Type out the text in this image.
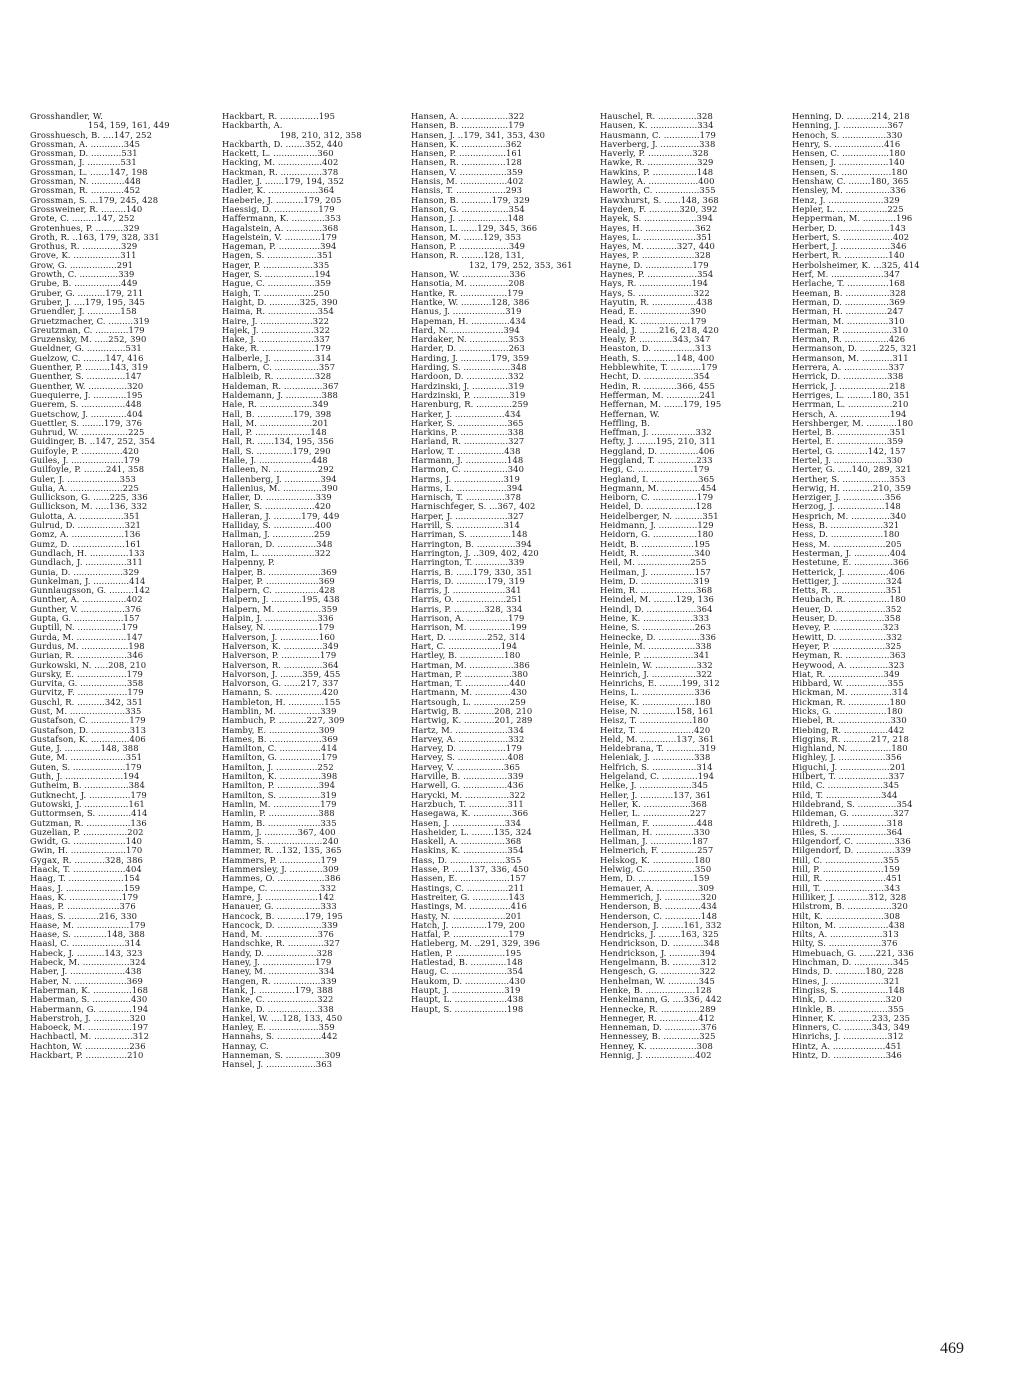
Grosshandler, W.
154, 159, 161, 449
Grosshuesch, B. ....147, 252
Grossman, A. ............345
Grossman, D. ...........531
Grossman, J. ............531
Grossman, L. .......147, 198
Grossman, N. ............448
Grossman, R. ............452
Grossman, S. ...179, 245, 428
Grossweiner, R. .........140
Grote, C. .........147, 252
Grotenhues, P. ..........329
Groth, R. ..163, 179, 328, 331
Grothus, R. ..............329
Grove, K. .................311
Grow, G. .................291
Growth, C. ..............339
Grube, B. .................449
Gruber, G. ..........179, 211
Gruber, J. ....179, 195, 345
Gruendler, J. ............158
Gruetzmacher, C. .........319
Greutzman, C. ............179
Gruzensky, M. .....252, 390
Gueldner, G. ..............531
Guelzow, C. ........147, 416
Guenther, P. .........143, 319
Guenther, S. ..............147
Guenther, W. ..............320
Guequierre, J. ............195
Guerem, S. ................448
Guetschow, J. .............404
Guettler, S. ........179, 376
Guhrud, W. .................225
Guidinger, B. ..147, 252, 354
Guifoyle, P. ...............420
Guiles, J. ...................179
Guilfoyle, P. ........241, 358
Guler, J. ...................353
Gulia, A. ...................225
Gullickson, G. ......225, 336
Gullickson, M. .....136, 332
Gulotta, A. ................351
Gulrud, D. .................321
Gomz, A. ...................136
Gumz, D. ...................161
Gundlach, H. ..............133
Gundlach, J. ...............311
Gunia, D. ..................329
Gunkelman, J. .............414
Gunnlaugsson, G. .........142
Gunther, A. ................402
Gunther, V. ................376
Gupta, G. ..................157
Guptill, N. ................179
Gurda, M. ..................147
Gurdus, M. .................198
Gurian, R. ..................346
Gurkowski, N. .....208, 210
Gursky, E. ..................179
Gurvita, G. .................358
Gurvitz, F. ..................179
Guschl, R. ..........342, 351
Gust, M. ....................335
Gustafson, C. ..............179
Gustafson, D. ..............313
Gustafson, K. ..............406
Gute, J. .............148, 388
Gute, M. ....................351
Guten, S. ...................179
Guth, J. .....................194
Gutheim, B. ................384
Gutknecht, J. ...............179
Gutowski, J. ................161
Guttormsen, S. ............414
Gutzman, R. ................136
Guzelian, P. ................202
Gwidt, G. ...................140
Gwin, H. ....................170
Gygax, R. ...........328, 386
Haack, T. ...................404
Haag, T. ....................154
Haas, J. .....................159
Haas, K. ...................179
Haas, P. ...................376
Haas, S. ...........216, 330
Haase, M. ...................179
Haase, S. ............148, 388
Haasl, C. ...................314
Habeck, J. ..........143, 323
Habeck, M. .................324
Haber, J. ....................438
Haber, N. ...................369
Haberman, K. ..............168
Haberman, S. ..............430
Habermann, G. ............194
Haberstroh, J. .............320
Haboeck, M. ................197
Hachbactl, M. ..............312
Hachton, W. ................236
Hackbart, P. ...............210
Hackbart, R. ..............195
Hackbarth, A.
198, 210, 312, 358
Hackbarth, D. .......352, 440
Hackett, L. ................360
Hacking, M. ................402
Hackman, R. ...............378
Hadler, J. .......179, 194, 352
Hadler, K. ..................364
Haeberle, J. ..........179, 205
Haessig, D. ................179
Haffermann, K. ............353
Hagalstein, A. .............368
Hagelstein, V. .............179
Hageman, P. ...............394
Hagen, S. ..................351
Hager, P. ..................335
Hager, S. ..................194
Hague, C. .................359
Haigh, T. ..................250
Haight, D. ...........325, 390
Haima, R. ..................354
Haire, J. ...................322
Hajek, J. ...................322
Hake, J. ....................337
Hake, R. ...................179
Halberle, J. ...............314
Halbern, C. ................357
Halbleib, R. ..............328
Haldeman, R. ..............367
Haldemann, J. .............388
Hale, R. ...................349
Hall, B. .............179, 398
Hall, M. ...................201
Hall, P. ....................148
Hall, R. ......134, 195, 356
Hall, S. .............179, 290
Halle, J. ...................448
Halleen, N. ................292
Hallenberg, J. .............394
Hallenius, M. ..............390
Haller, D. ..................339
Haller, S. ..................420
Halleran, J. ..........179, 449
Halliday, S. ...............400
Hallman, J. ...............259
Halloran, D. ..............348
Halm, L. ...................322
Halpenny, P.
Halper, B. ...................369
Halper, P. ...................369
Halpern, C. ................428
Halpern, J. ...........195, 438
Halpern, M. ................359
Halpin, J. ...................336
Halsey, N. ..................179
Halverson, J. ..............160
Halverson, K. ..............349
Halverson, P. ..............179
Halverson, R. ..............364
Halvorson, J. ........359, 455
Halvorson, G. ......217, 337
Hamann, S. .................420
Hambleton, H. .............155
Hamblin, M. ...............339
Hambuch, P. ..........227, 309
Hamby, E. ..................309
Hames, B. ...................369
Hamilton, C. ...............414
Hamilton, G. ...............179
Hamilton, J. ...............252
Hamilton, K. ...............398
Hamilton, P. ...............394
Hamilton, S. ...............319
Hamlin, M. .................179
Hamlin, P. ..................388
Hamm, B. ...................335
Hamm, J. ............367, 400
Hamm, S. ....................240
Hammer, R. ..132, 135, 365
Hammers, P. ...............179
Hammersley, J. ............309
Hammes, O. .................386
Hampe, C. ..................332
Hamre, J. ...................142
Hanauer, G. ................333
Hancock, B. ..........179, 195
Hancock, D. ................339
Hand, M. ...................376
Handschke, R. .............327
Handy, D. ..................328
Haney, J. ...................179
Haney, M. ..................334
Hangen, R. .................339
Hank, J. .............179, 388
Hanke, C. ..................322
Hanke, D. ..................338
Hankel, W. ....128, 133, 450
Hanley, E. ..................359
Hannahs, S. ................442
Hannay, C.
Hanneman, S. ..............309
Hansel, J. ..................363
Hansen, A. .................322
Hansen, B. .................179
Hansen, J. ..179, 341, 353, 430
Hansen, K. ................362
Hansen, P. .................161
Hansen, R. ................128
Hansen, V. .................359
Hansis, M. .................402
Hansis, T. ..................293
Hanson, B. ...........179, 329
Hanson, G. .................354
Hanson, J. ..................148
Hanson, L. ......129, 345, 366
Hanson, M. .......129, 353
Hanson, P. ..................349
Hanson, R. ........128, 131,
132, 179, 252, 353, 361
Hanson, W. .................336
Hansotia, M. ..............208
Hantke, R. .................179
Hantke, W. ...........128, 386
Hanus, J. ...................319
Hapeman, H. ..............434
Hard, N. ...................394
Hardaker, N. ..............353
Harder, D. ..................263
Harding, J. ...........179, 359
Harding, S. .................348
Hardoon, D. ...............332
Hardzinski, J. .............319
Hardzinski, P. .............319
Harenburg, R. .............259
Harker, J. ..................434
Harker, S. ..................365
Harkins, P. .................338
Harland, R. ................327
Harlow, T. .................438
Harmann, J. ...............148
Harmon, C. ................340
Harms, J. ..................319
Harms, L. ..................394
Harnisch, T. ..............378
Harnischfeger, S. ...367, 402
Harper, J. ...................327
Harrill, S. .................314
Harriman, S. ...............148
Harrington, B. ..............394
Harrington, J. ..309, 402, 420
Harrington, T. ............339
Harris, B. ......179, 330, 351
Harris, D. ...........179, 319
Harris, J. ...................341
Harris, O. ..................251
Harris, P. ...........328, 334
Harrison, A. ...............179
Harrison, M. ...............199
Hart, D. ..............252, 314
Hart, C. ...................194
Hartley, B. ................180
Hartman, M. ................386
Hartman, P. .................380
Hartman, T. ................440
Hartmann, M. .............430
Hartsough, L. .............259
Hartwig, B. ...........208, 210
Hartwig, K. ...........201, 289
Hartz, M. ...................334
Harvey, A. ..................332
Harvey, D. .................179
Harvey, S. ..................408
Harvey, V. .................365
Harville, B. ................339
Harwell, G. ................436
Harycki, M. ................322
Harzbuch, T. ..............311
Hasegawa, K. ..............366
Hasen, J. ...................334
Hasheider, L. ........135, 324
Haskell, A. ................368
Haskins, K. ................354
Hass, D. ....................355
Hasse, P. ......137, 336, 450
Hassen, E. ..................157
Hastings, C. ...............211
Hastreiter, G. .............143
Hastings, M. ...............416
Hasty, N. ...................201
Hatch, J. .............179, 200
Hatfal, P. ....................179
Hatleberg, M. ..291, 329, 396
Hatlen, P. ..................195
Hatlestad, B. .............148
Haug, C. ....................354
Haukom, D. ................430
Haupt, J. ...................319
Haupt, L. ...................438
Haupt, S. ...................198
Hauschel, R. ..............328
Hausen, K. .................334
Hausmann, C. .............179
Haverberg, J. ..............338
Haverly, P. ................328
Hawke, R. ..................329
Hawkins, P. ................148
Hawley, A. ..................400
Haworth, C. ................355
Hawxhurst, S. ......148, 368
Hayden, F. ...........320, 392
Hayek, S. ...................394
Hayes, H. ..................362
Hayes, L. ...................351
Hayes, M. ...........327, 440
Hayes, P. ...................328
Hayne, D. .................179
Haynes, P. ..................354
Hays, R. ...................194
Hays, S. ....................322
Hayutin, R. ................438
Head, E. ..................390
Head, K. ..................179
Heald, J. .......216, 218, 420
Healy, P. ............343, 347
Heaston, D. ...............313
Heath, S. ............148, 400
Hebblewhite, T. ...........179
Hecht, D. ..................354
Hedin, R. ............366, 455
Hefferman, M. ............241
Heffernan, M. .......179, 195
Heffernan, W.
Heffling, B.
Heffman, J. ................332
Hefty, J. .......195, 210, 311
Heggland, D. ..............406
Heggland, T. ..............233
Hegi, C. ....................179
Hegland, I. .................365
Hegmann, M. ..............454
Heiborn, C. ................179
Heidel, D. ..................128
Heidelberger, N. ..........351
Heidmann, J. ..............129
Heidorn, G. ................180
Heidt, B. ...................195
Heidt, R. ...................340
Heil, M. ...................255
Heilman, J. ................157
Heim, D. ...................319
Heim, R. ....................368
Heindel, M. ........129, 136
Heindl, D. ..................364
Heine, K. ..................333
Heine, S. ...................263
Heinecke, D. ...............336
Heinle, M. .................338
Heinle, P. ..................341
Heinlein, W. ...............332
Heinrich, J. ................322
Heinrichs, E. ........199, 312
Heins, L. ...................336
Heise, K. ...................180
Heise, N. ............158, 161
Heisz, T. ...................180
Heitz, T. ....................420
Held, M. .............137, 361
Heldebrana, T. ............319
Heleniak, J. ...............338
Helfrich, S. ................314
Helgeland, C. .............194
Helke, J. ...................345
Heller, J. ............137, 361
Heller, K. .................368
Heller, L. .................227
Hellman, F. ................448
Hellman, H. ..............330
Hellman, J. ...............187
Helmerich, F. .............257
Helskog, K. ...............180
Helwig, C. .................350
Hem, D. ....................159
Hemauer, A. ...............309
Hemmerich, J. .............320
Henderson, B. .............434
Henderson, C. .............148
Henderson, J. ........161, 332
Hendricks, J. ........163, 325
Hendrickson, D. ...........348
Hendrickson, J. ...........394
Hengelmann, B. ..........312
Hengesch, G. ..............322
Henhelman, W. ...........345
Henke, B. ..................128
Henkelmann, G. ....336, 442
Hennecke, R. ..............289
Henneger, R. ..............412
Henneman, D. .............376
Hennessey, B. .............325
Henney, K. .................308
Hennig, J. ..................402
Henning, D. .........214, 218
Henning, J. ................367
Henoch, S. ................330
Henry, S. ..................416
Hensen, C. .................180
Hensen, J. ..................140
Hensen, S. ..................180
Henshaw, C. ........180, 365
Hensley, M. ................336
Henz, J. ....................329
Hepler, L. ..................225
Hepperman, M. ............196
Herber, D. ..................143
Herbert, S. ..................402
Herbert, J. ..................346
Herbert, R. ................140
Herbolsheimer, K. ...325, 414
Herf, M. ...................347
Herlache, T. ...............168
Heeman, B. ................328
Herman, D. ................369
Herman, H. ...............247
Herman, M. ...............310
Herman, P. ..................310
Herman, R. ................426
Hermanson, D. .......225, 321
Hermanson, M. ...........311
Herrera, A. ................337
Herrick, D. ................338
Herrick, J. ..................218
Herriges, L. .........180, 351
Herrman, L. ................210
Hersch, A. ..................194
Hershberger, M. ...........180
Hertel, B. ...................351
Hertel, E. ..................359
Hertel, G. ...........142, 157
Hertel, J. ...................330
Herter, G. .....140, 289, 321
Herther, S. .................353
Herwig, H. ...........210, 359
Herziger, J. ...............356
Herzog, J. .................148
Hesprich, M. ..............340
Hess, B. ...................321
Hess, D. ...................180
Hess, M. ...................205
Hesterman, J. .............404
Hestetune, E. ..............366
Hetterick, J. ...............406
Hettiger, J. ................324
Hetts, R. ...................351
Heubach, R. ...............180
Heuer, D. ..................352
Heuser, D. ................358
Hevey, P. ..................323
Hewitt, D. .................332
Heyer, P. ...................325
Heyman, R. ................363
Heywood, A. ..............323
Hiat, R. ....................349
Hibbard, W. ...............355
Hickman, M. ...............314
Hickman, R. ...............180
Hicks, G. ...................180
Hiebel, R. ...................330
Hiebing, R. ................442
Higgins, R. ..........217, 218
Highland, N. ...............180
Highley, J. .................356
Higuchi, J. ..................201
Hilbert, T. ..................337
Hild, C. ....................345
Hild, T. ....................344
Hildebrand, S. ..............354
Hildeman, G. ...............327
Hildreth, J. ................318
Hiles, S. ....................364
Hilgendorf, C. ..............336
Hilgendorf, D. ..............339
Hill, C. .....................355
Hill, P. ......................159
Hill, R. ......................451
Hill, T. ......................343
Hilliker, J. ...........312, 328
Hilstrom, B. ................320
Hilt, K. .....................308
Hilton, M. ..................438
Hilts, A. ...................313
Hilty, S. ...................376
Himebuach, G. ......221, 336
Hinchman, D. ..............345
Hinds, D. ...........180, 228
Hines, J. ...................321
Hingiss, S. .................148
Hink, D. ....................320
Hinkle, B. ..................355
Hinner, K. ............233, 235
Hinners, C. ..........343, 349
Hinrichs, J. ................312
Hintz, A. ...................451
Hintz, D. ...................346
469
